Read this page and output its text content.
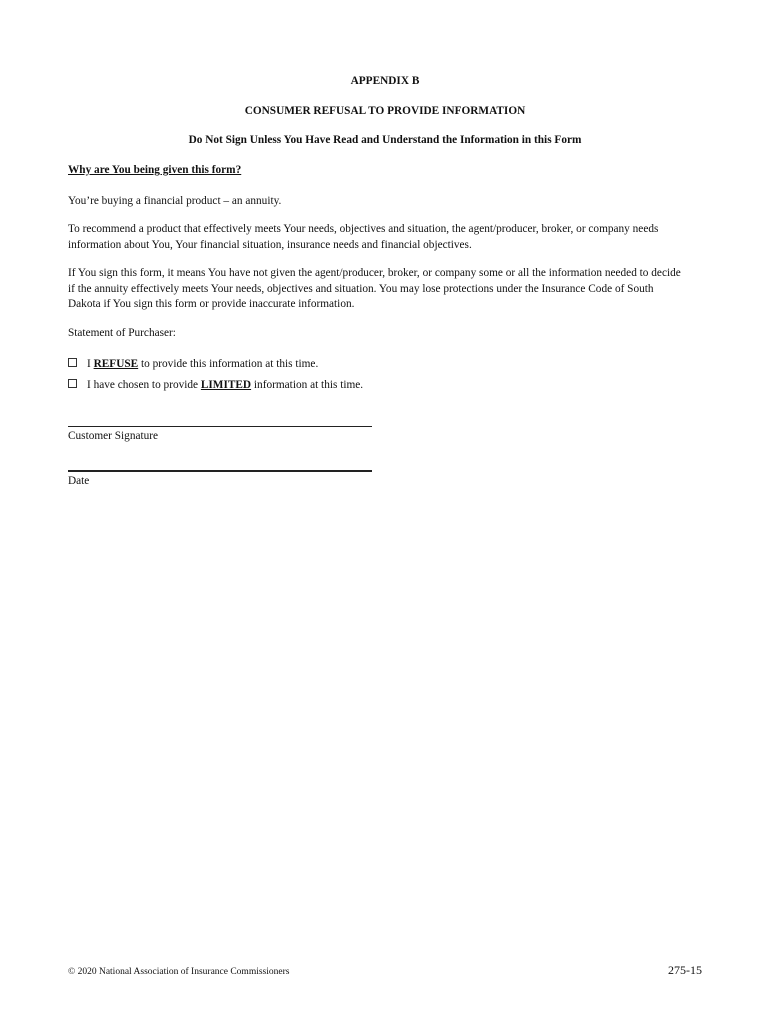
APPENDIX B
CONSUMER REFUSAL TO PROVIDE INFORMATION
Do Not Sign Unless You Have Read and Understand the Information in this Form
Why are You being given this form?
You’re buying a financial product – an annuity.
To recommend a product that effectively meets Your needs, objectives and situation, the agent/producer, broker, or company needs information about You, Your financial situation, insurance needs and financial objectives.
If You sign this form, it means You have not given the agent/producer, broker, or company some or all the information needed to decide if the annuity effectively meets Your needs, objectives and situation. You may lose protections under the Insurance Code of South Dakota if You sign this form or provide inaccurate information.
Statement of Purchaser:
I REFUSE to provide this information at this time.
I have chosen to provide LIMITED information at this time.
Customer Signature
Date
© 2020 National Association of Insurance Commissioners	275-15
